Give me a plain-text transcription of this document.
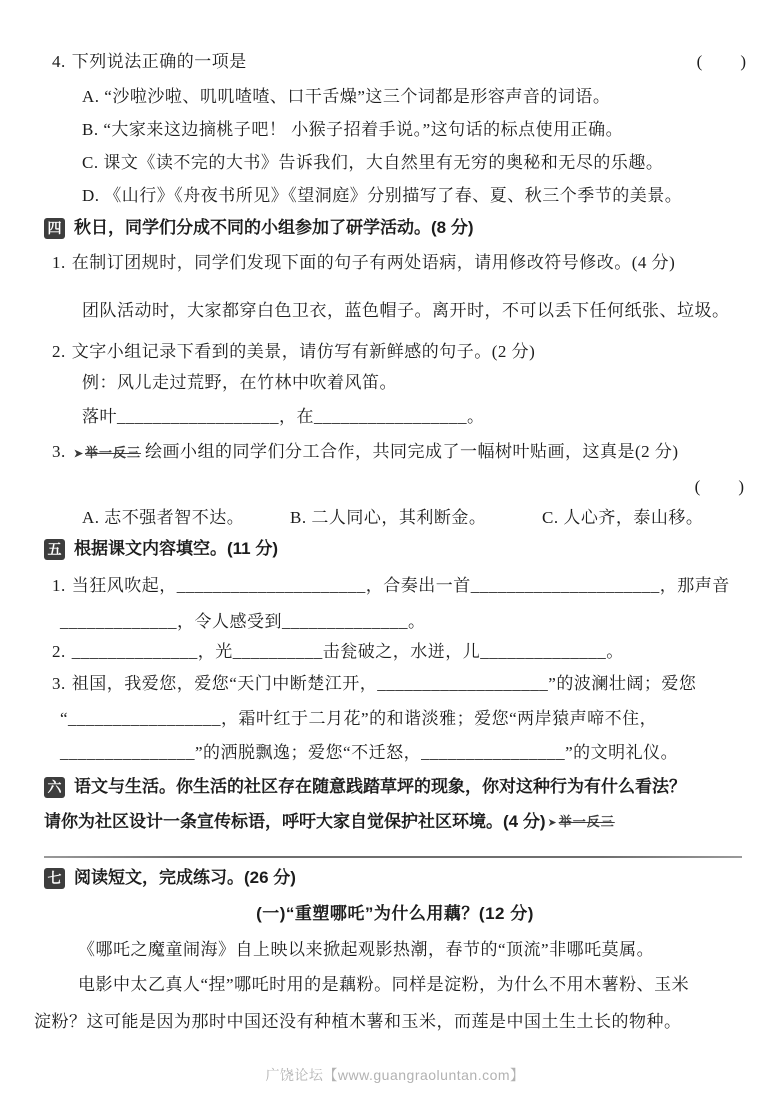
4. 下列说法正确的一项是	( )
A. “沙啦沙啦、叽叽喳喳、口干舌燥”这三个词都是形容声音的词语。
B. “大家来这边摘桃子吧！ 小猴子招着手说。”这句话的标点使用正确。
C. 课文《读不完的大书》告诉我们，大自然里有无穷的奥秘和无尽的乐趣。
D. 《山行》《舟夜书所见》《望洞庭》分别描写了春、夏、秋三个季节的美景。
四 秋日，同学们分成不同的小组参加了研学活动。(8 分)
1. 在制订团规时，同学们发现下面的句子有两处语病，请用修改符号修改。(4 分)
团队活动时，大家都穿白色卫衣，蓝色帽子。离开时，不可以丢下任何纸张、垃圾。
2. 文字小组记录下看到的美景，请仿写有新鲜感的句子。(2 分)
例：风儿走过荒野，在竹林中吹着风笛。
落叶__________________，在_________________。
3. ➤举一反三 绘画小组的同学们分工合作，共同完成了一幅树叶贴画，这真是(2 分)
( )
A. 志不强者智不达。	B. 二人同心，其利断金。	C. 人心齐，泰山移。
五 根据课文内容填空。(11 分)
1. 当狂风吹起，_____________________，合奏出一首_____________________，那声音
_____________，令人感受到______________。
2. ______________，光__________击瓮破之，水迸，儿______________。
3. 祖国，我爱您，爱您“天门中断楚江开，___________________”的波澜壮阔；爱您
“_________________，霜叶红于二月花”的和谐淡雅；爱您“两岸猿声啼不住，
_______________”的洒脱飘逸；爱您“不迁怒，________________”的文明礼仪。
六 语文与生活。你生活的社区存在随意践踏草坪的现象，你对这种行为有什么看法？
请你为社区设计一条宣传标语，呼吁大家自觉保护社区环境。(4 分) ➤举一反三
七 阅读短文，完成练习。(26 分)
(一)“重塑哪吒”为什么用藕？(12 分)
《哪吒之魔童闹海》自上映以来掀起观影热潮，春节的“顶流”非哪吒莫属。
电影中太乙真人“捏”哪吒时用的是藕粉。同样是淀粉，为什么不用木薯粉、玉米
淀粉？这可能是因为那时中国还没有种植木薯和玉米，而莲是中国土生土长的物种。
广饶论坛【www.guangraoluntan.com】
